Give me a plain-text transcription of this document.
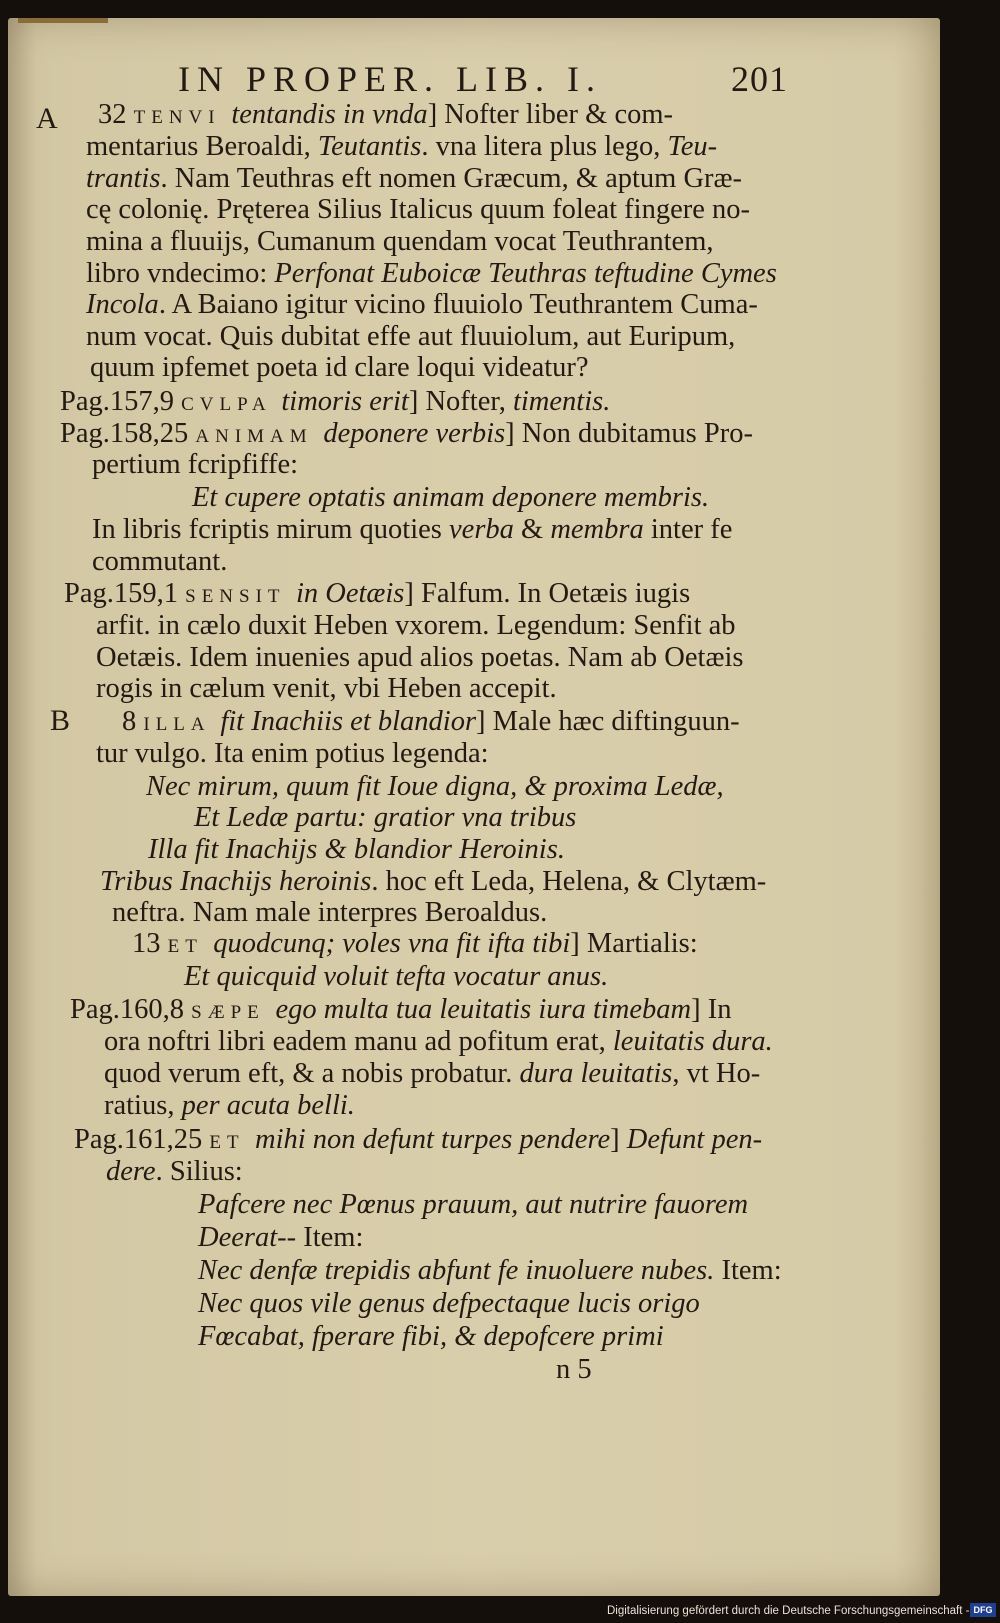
IN PROPER. LIB. I.	201
A
B
32 TENVI tentandis in vnda] Nofter liber & com-
mentarius Beroaldi, Teutantis. vna litera plus lego, Teu-
trantis. Nam Teuthras eft nomen Græcum, & aptum Græ-
cę colonię. Pręterea Silius Italicus quum foleat fingere no-
mina a fluuijs, Cumanum quendam vocat Teuthrantem,
libro vndecimo: Perfonat Euboicæ Teuthras teftudine Cymes
Incola. A Baiano igitur vicino fluuiolo Teuthrantem Cuma-
num vocat. Quis dubitat effe aut fluuiolum, aut Euripum,
quum ipfemet poeta id clare loqui videatur?
Pag.157,9 CVLPA timoris erit] Nofter, timentis.
Pag.158,25 ANIMAM deponere verbis] Non dubitamus Pro-
pertium fcripfiffe:
Et cupere optatis animam deponere membris.
In libris fcriptis mirum quoties verba & membra inter fe
commutant.
Pag.159,1 SENSIT in Oetæis] Falfum. In Oetæis iugis
arfit. in cælo duxit Heben vxorem. Legendum: Senfit ab
Oetæis. Idem inuenies apud alios poetas. Nam ab Oetæis
rogis in cælum venit, vbi Heben accepit.
8 ILLA fit Inachiis et blandior] Male hæc diftinguun-
tur vulgo. Ita enim potius legenda:
Nec mirum, quum fit Ioue digna, & proxima Ledæ,
Et Ledæ partu: gratior vna tribus
Illa fit Inachijs & blandior Heroinis.
Tribus Inachijs heroinis. hoc eft Leda, Helena, & Clytæm-
neftra. Nam male interpres Beroaldus.
13 ET quodcunq; voles vna fit ifta tibi] Martialis:
Et quicquid voluit tefta vocatur anus.
Pag.160,8 SÆPE ego multa tua leuitatis iura timebam] In
ora noftri libri eadem manu ad pofitum erat, leuitatis dura.
quod verum eft, & a nobis probatur. dura leuitatis, vt Ho-
ratius, per acuta belli.
Pag.161,25 ET mihi non defunt turpes pendere] Defunt pen-
dere. Silius:
Pafcere nec Pœnus prauum, aut nutrire fauorem
Deerat-- Item:
Nec denfæ trepidis abfunt fe inuoluere nubes. Item:
Nec quos vile genus defpectaque lucis origo
Fœcabat, fperare fibi, & depofcere primi
n 5
Digitalisierung gefördert durch die Deutsche Forschungsgemeinschaft - DFG
